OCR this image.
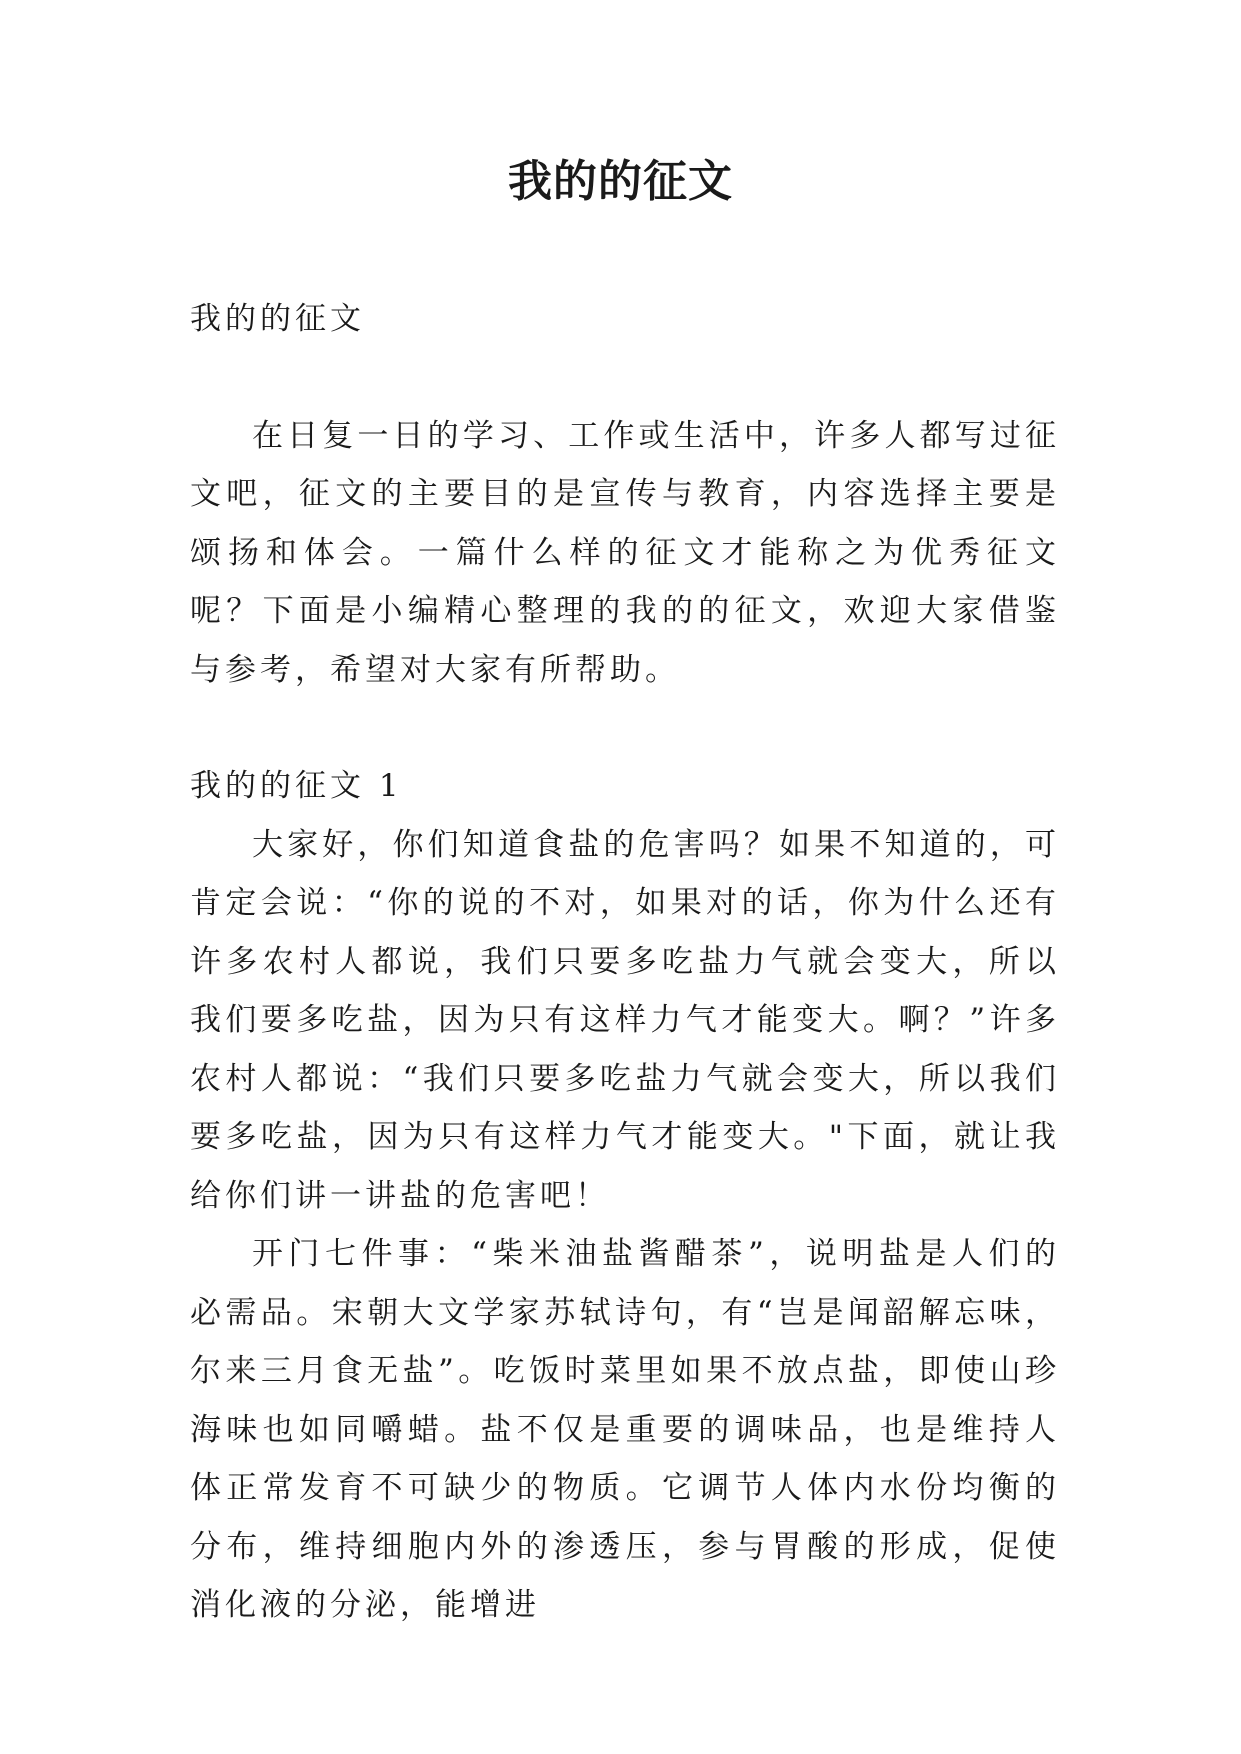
我的的征文

我的的征文

在日复一日的学习、工作或生活中，许多人都写过征文吧，征文的主要目的是宣传与教育，内容选择主要是颂扬和体会。一篇什么样的征文才能称之为优秀征文呢？下面是小编精心整理的我的的征文，欢迎大家借鉴与参考，希望对大家有所帮助。

我的的征文 1

大家好，你们知道食盐的危害吗？如果不知道的，可肯定会说：“你的说的不对，如果对的话，你为什么还有许多农村人都说，我们只要多吃盐力气就会变大，所以我们要多吃盐，因为只有这样力气才能变大。啊？”许多农村人都说：“我们只要多吃盐力气就会变大，所以我们要多吃盐，因为只有这样力气才能变大。"下面，就让我给你们讲一讲盐的危害吧！

开门七件事：“柴米油盐酱醋茶”，说明盐是人们的必需品。宋朝大文学家苏轼诗句，有“岂是闻韶解忘味，尔来三月食无盐”。吃饭时菜里如果不放点盐，即使山珍海味也如同嚼蜡。盐不仅是重要的调味品，也是维持人体正常发育不可缺少的物质。它调节人体内水份均衡的分布，维持细胞内外的渗透压，参与胃酸的形成，促使消化液的分泌，能增进
